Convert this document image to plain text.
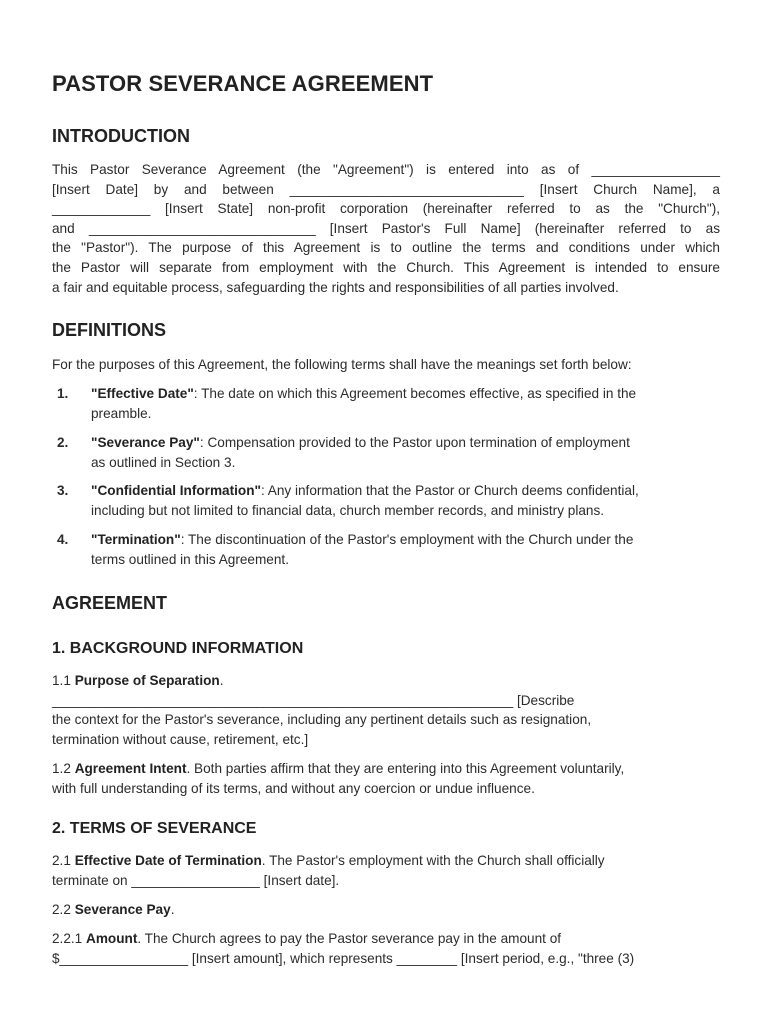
PASTOR SEVERANCE AGREEMENT
INTRODUCTION
This Pastor Severance Agreement (the "Agreement") is entered into as of _________________
[Insert Date] by and between _______________________________ [Insert Church Name], a
_____________ [Insert State] non-profit corporation (hereinafter referred to as the "Church"),
and ______________________________ [Insert Pastor's Full Name] (hereinafter referred to as
the "Pastor"). The purpose of this Agreement is to outline the terms and conditions under which
the Pastor will separate from employment with the Church. This Agreement is intended to ensure
a fair and equitable process, safeguarding the rights and responsibilities of all parties involved.
DEFINITIONS
For the purposes of this Agreement, the following terms shall have the meanings set forth below:
1. "Effective Date": The date on which this Agreement becomes effective, as specified in the
preamble.
2. "Severance Pay": Compensation provided to the Pastor upon termination of employment
as outlined in Section 3.
3. "Confidential Information": Any information that the Pastor or Church deems confidential,
including but not limited to financial data, church member records, and ministry plans.
4. "Termination": The discontinuation of the Pastor's employment with the Church under the
terms outlined in this Agreement.
AGREEMENT
1. BACKGROUND INFORMATION
1.1 Purpose of Separation.
_____________________________________________________________ [Describe
the context for the Pastor's severance, including any pertinent details such as resignation,
termination without cause, retirement, etc.]
1.2 Agreement Intent. Both parties affirm that they are entering into this Agreement voluntarily,
with full understanding of its terms, and without any coercion or undue influence.
2. TERMS OF SEVERANCE
2.1 Effective Date of Termination. The Pastor's employment with the Church shall officially
terminate on _________________ [Insert date].
2.2 Severance Pay.
2.2.1 Amount. The Church agrees to pay the Pastor severance pay in the amount of
$_________________ [Insert amount], which represents ________ [Insert period, e.g., "three (3)
